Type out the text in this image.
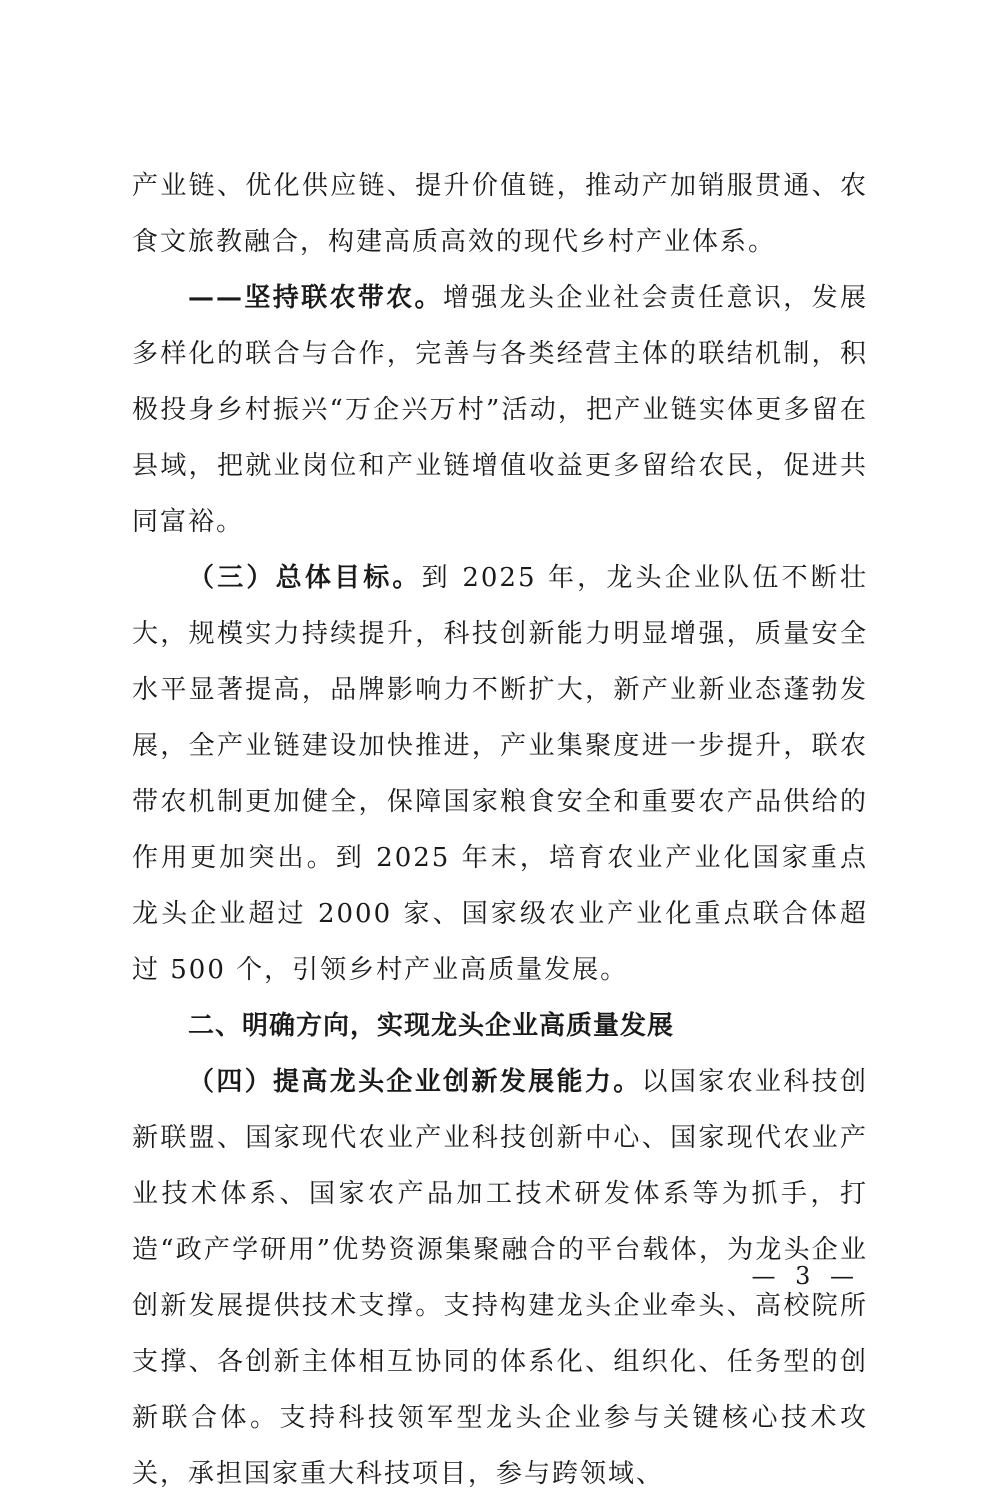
产业链、优化供应链、提升价值链，推动产加销服贯通、农食文旅教融合，构建高质高效的现代乡村产业体系。

——坚持联农带农。增强龙头企业社会责任意识，发展多样化的联合与合作，完善与各类经营主体的联结机制，积极投身乡村振兴“万企兴万村”活动，把产业链实体更多留在县域，把就业岗位和产业链增值收益更多留给农民，促进共同富裕。

（三）总体目标。到 2025 年，龙头企业队伍不断壮大，规模实力持续提升，科技创新能力明显增强，质量安全水平显著提高，品牌影响力不断扩大，新产业新业态蓬勃发展，全产业链建设加快推进，产业集聚度进一步提升，联农带农机制更加健全，保障国家粮食安全和重要农产品供给的作用更加突出。到 2025 年末，培育农业产业化国家重点龙头企业超过 2000 家、国家级农业产业化重点联合体超过 500 个，引领乡村产业高质量发展。

二、明确方向，实现龙头企业高质量发展

（四）提高龙头企业创新发展能力。以国家农业科技创新联盟、国家现代农业产业科技创新中心、国家现代农业产业技术体系、国家农产品加工技术研发体系等为抓手，打造“政产学研用”优势资源集聚融合的平台载体，为龙头企业创新发展提供技术支撑。支持构建龙头企业牵头、高校院所支撑、各创新主体相互协同的体系化、组织化、任务型的创新联合体。支持科技领军型龙头企业参与关键核心技术攻关，承担国家重大科技项目，参与跨领域、

— 3 —
